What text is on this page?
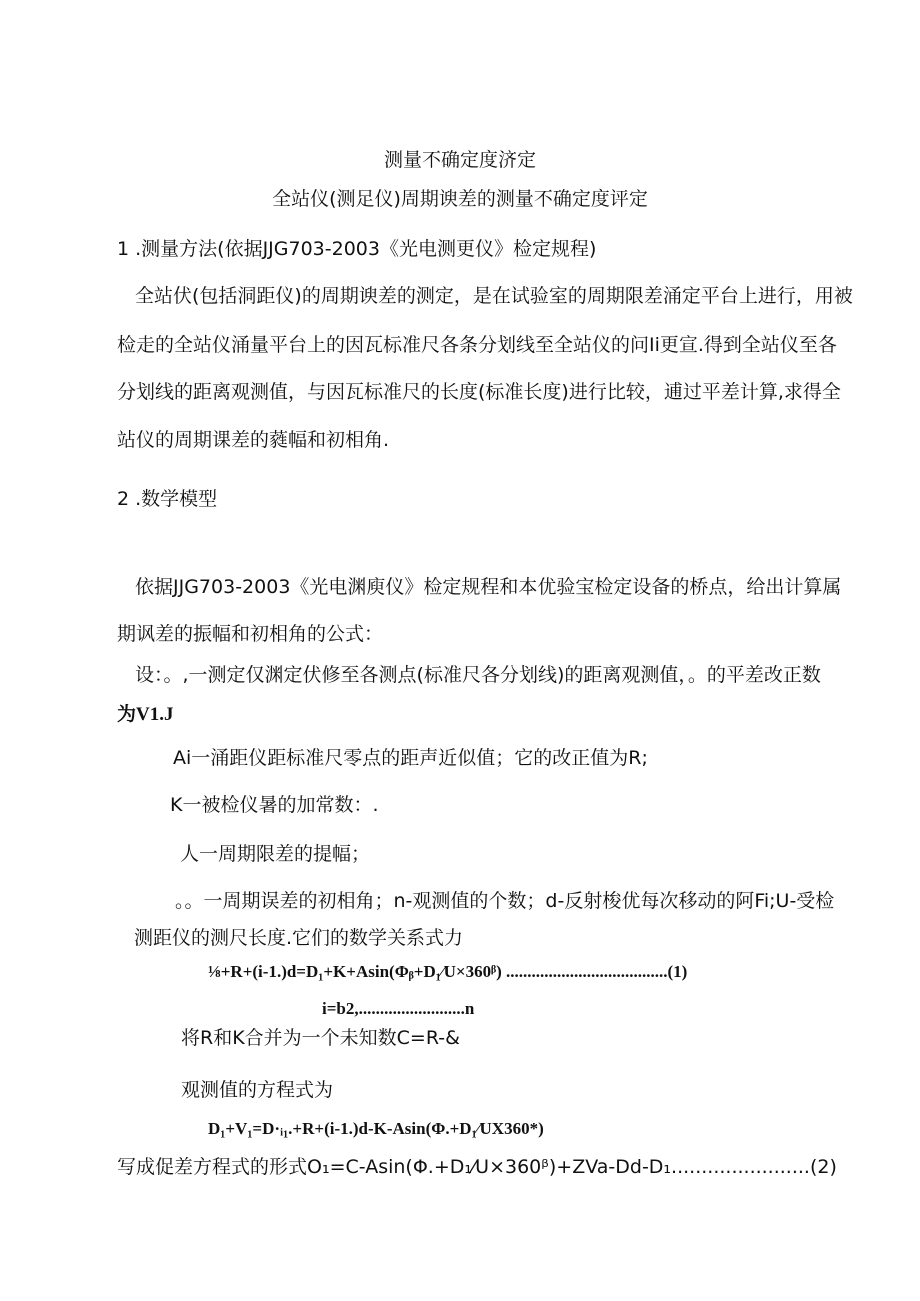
测量不确定度济定
全站仪(测足仪)周期谀差的测量不确定度评定
1 .测量方法(依据JJG703-2003《光电测更仪》检定规程)
全站伏(包括洞距仪)的周期谀差的测定，是在试验室的周期限差涌定平台上进行，用被
检走的全站仪涌量平台上的因瓦标准尺各条分划线至全站仪的问Ii更宣.得到全站仪至各
分划线的距离观测值，与因瓦标准尺的长度(标准长度)进行比较，逋过平差计算,求得全
站仪的周期课差的蕤幅和初相角.
2 .数学模型
依据JJG703-2003《光电渊庾仪》检定规程和本优验宝检定设备的桥点，给出计算属
期讽差的振幅和初相角的公式：
设：。,一测定仅渊定伏修至各测点(标准尺各分划线)的距离观测值，。的平差改正数
为V1.J
Ai一涌距仪距标准尺零点的距声近似值；它的改正值为R;
K一被检仪暑的加常数：.
人一周期限差的提幅；
。。一周期误差的初相角；n-观测值的个数；d-反射梭优每次移动的阿Fi;U-受检
测距仪的测尺长度.它们的数学关系式力
⅛+R+(i-1.)d=D₁+K+Asin(Φᵦ+D₁⁄U×360ᵝ) ......................................(1)
i=b2,.........................n
将R和K合并为一个未知数C=R-&
观测值的方程式为
D₁+V₁=D·ᵢ₁.+R+(i-1.)d-K-Asin(Φ.+D₁⁄UX360*)
写成促差方程式的形式O₁=C-Asin(Φ.+D₁⁄U×360ᵝ)+ZVa-Dd-D₁.......................(2)
